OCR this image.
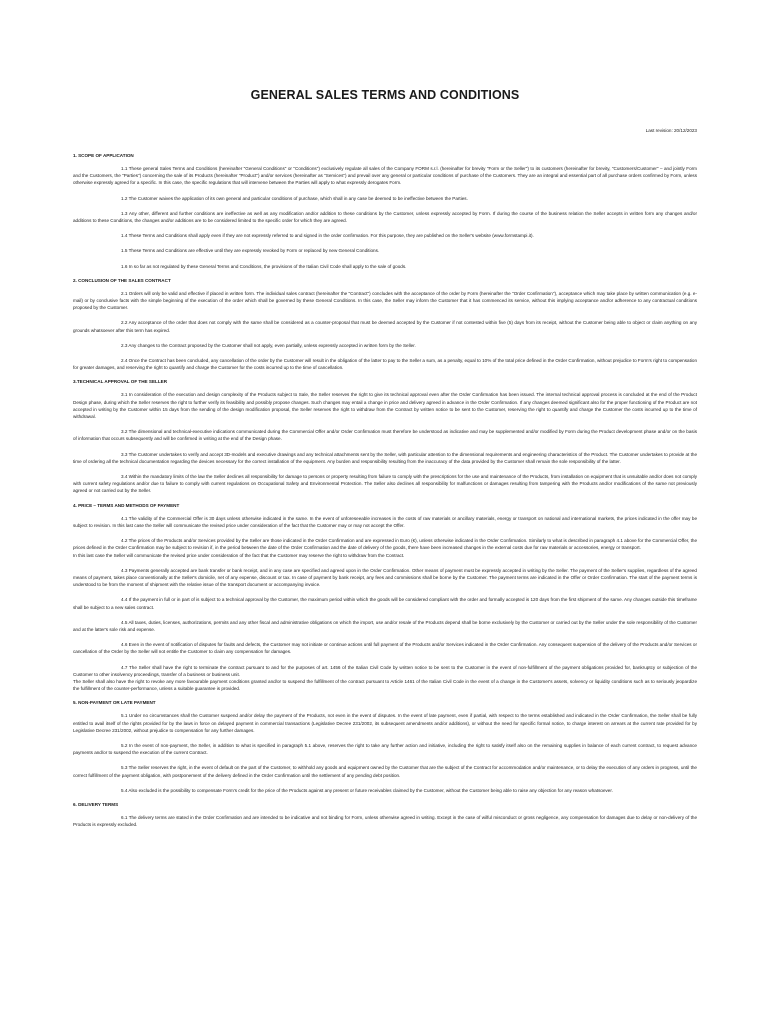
GENERAL SALES TERMS AND CONDITIONS
Last revision: 20/12/2023
1. SCOPE OF APPLICATION
1.1 These general Sales Terms and Conditions (hereinafter "General Conditions" or "Conditions") exclusively regulate all sales of the Company FORM s.r.l. (hereinafter for brevity "Form or the Seller") to its customers (hereinafter for brevity, "Customers/Customer" – and jointly Form and the Customers, the "Parties") concerning the sale of its Products (hereinafter "Product") and/or services (hereinafter as "Services") and prevail over any general or particular conditions of purchase of the Customers. They are an integral and essential part of all purchase orders confirmed by Form, unless otherwise expressly agreed for a specific. In this case, the specific regulations that will intervene between the Parties will apply to what expressly derogates Form.
1.2 The Customer waives the application of its own general and particular conditions of purchase, which shall in any case be deemed to be ineffective between the Parties.
1.3 Any other, different and further conditions are ineffective as well as any modification and/or addition to these conditions by the Customer, unless expressly accepted by Form. If during the course of the business relation the Seller accepts in written form any changes and/or additions to these Conditions, the changes and/or additions are to be considered limited to the specific order for which they are agreed.
1.4 These Terms and Conditions shall apply even if they are not expressly referred to and signed in the order confirmation. For this purpose, they are published on the Seller's website (www.formstampi.it).
1.5 These Terms and Conditions are effective until they are expressly revoked by Form or replaced by new General Conditions.
1.6 In so far as not regulated by these General Terms and Conditions, the provisions of the Italian Civil Code shall apply to the sale of goods.
2. CONCLUSION OF THE SALES CONTRACT
2.1 Orders will only be valid and effective if placed in written form. The individual sales contract (hereinafter the "Contract") concludes with the acceptance of the order by Form (hereinafter the "Order Confirmation"), acceptance which may take place by written communication (e.g. e-mail) or by conclusive facts with the simple beginning of the execution of the order which shall be governed by these General Conditions. In this case, the Seller may inform the Customer that it has commenced its service, without this implying acceptance and/or adherence to any contractual conditions proposed by the Customer.
2.2 Any acceptance of the order that does not comply with the same shall be considered as a counter-proposal that must be deemed accepted by the Customer if not contested within five (5) days from its receipt, without the Customer being able to object or claim anything on any grounds whatsoever after this term has expired.
2.3 Any changes to the Contract proposed by the Customer shall not apply, even partially, unless expressly accepted in written form by the Seller.
2.4 Once the Contract has been concluded, any cancellation of the order by the Customer will result in the obligation of the latter to pay to the Seller a sum, as a penalty, equal to 10% of the total price defined in the Order Confirmation, without prejudice to Form's right to compensation for greater damages, and reserving the right to quantify and charge the Customer for the costs incurred up to the time of cancellation.
3.TECHNICAL APPROVAL OF THE SELLER
3.1 In consideration of the execution and design complexity of the Products subject to Sale, the Seller reserves the right to give its technical approval even after the Order Confirmation has been issued. The internal technical approval process is concluded at the end of the Product Design phase, during which the Seller reserves the right to further verify its feasibility and possibly propose changes. Such changes may entail a change in price and delivery agreed in advance in the Order Confirmation. If any changes deemed significant also for the proper functioning of the Product are not accepted in writing by the Customer within 15 days from the sending of the design modification proposal, the Seller reserves the right to withdraw from the Contract by written notice to be sent to the Customer, reserving the right to quantify and charge the Customer the costs incurred up to the time of withdrawal.
3.2 The dimensional and technical-executive indications communicated during the Commercial Offer and/or Order Confirmation must therefore be understood as indicative and may be supplemented and/or modified by Form during the Product development phase and/or on the basis of information that occurs subsequently and will be confirmed in writing at the end of the Design phase.
3.3 The Customer undertakes to verify and accept 3D-models and executive drawings and any technical attachments sent by the Seller, with particular attention to the dimensional requirements and engineering characteristics of the Product. The Customer undertakes to provide at the time of ordering all the technical documentation regarding the devices necessary for the correct installation of the equipment. Any burden and responsibility resulting from the inaccuracy of the data provided by the Customer shall remain the sole responsibility of the latter.
3.4 Within the mandatory limits of the law the Seller declines all responsibility for damage to persons or property resulting from failure to comply with the prescriptions for the use and maintenance of the Products, from installation on equipment that is unsuitable and/or does not comply with current safety regulations and/or due to failure to comply with current regulations on Occupational Safety and Environmental Protection. The Seller also declines all responsibility for malfunctions or damages resulting from tampering with the Products and/or modifications of the same not previously agreed or not carried out by the Seller.
4. PRICE – TERMS AND METHODS OF PAYMENT
4.1 The validity of the Commercial Offer is 30 days unless otherwise indicated in the same. In the event of unforeseeable increases in the costs of raw materials or ancillary materials, energy or transport on national and international markets, the prices indicated in the offer may be subject to revision. In this last case the Seller will communicate the revised price under consideration of the fact that the Customer may or may not accept the Offer.
4.2 The prices of the Products and/or Services provided by the Seller are those indicated in the Order Confirmation and are expressed in Euro (€), unless otherwise indicated in the Order Confirmation. Similarly to what is described in paragraph 4.1 above for the Commercial Offer, the prices defined in the Order Confirmation may be subject to revision if, in the period between the date of the Order Confirmation and the date of delivery of the goods, there have been increased changes in the external costs due for raw materials or accessories, energy or transport.
In this last case the Seller will communicate the revised price under consideration of the fact that the Customer may reserve the right to withdraw from the Contract.
4.3 Payments generally accepted are bank transfer or bank receipt, and in any case are specified and agreed upon in the Order Confirmation. Other means of payment must be expressly accepted in writing by the Seller. The payment of the Seller's supplies, regardless of the agreed means of payment, takes place conventionally at the Seller's domicile, net of any expense, discount or tax. In case of payment by bank receipt, any fees and commissions shall be borne by the Customer. The payment terms are indicated in the Offer or Order Confirmation. The start of the payment terms is understood to be from the moment of shipment with the relative issue of the transport document or accompanying invoice.
4.4 If the payment in full or in part of is subject to a technical approval by the Customer, the maximum period within which the goods will be considered compliant with the order and formally accepted is 120 days from the first shipment of the same. Any changes outside this timeframe shall be subject to a new sales contract.
4.5 All taxes, duties, licenses, authorizations, permits and any other fiscal and administrative obligations on which the import, use and/or resale of the Products depend shall be borne exclusively by the Customer or carried out by the Seller under the sole responsibility of the Customer and at the latter's sole risk and expense.
4.6 Even in the event of notification of disputes for faults and defects, the Customer may not initiate or continue actions until full payment of the Products and/or Services indicated in the Order Confirmation. Any consequent suspension of the delivery of the Products and/or Services or cancellation of the Order by the Seller will not entitle the Customer to claim any compensation for damages.
4.7 The Seller shall have the right to terminate the contract pursuant to and for the purposes of art. 1456 of the Italian Civil Code by written notice to be sent to the Customer in the event of non-fulfillment of the payment obligations provided for, bankruptcy or subjection of the Customer to other insolvency proceedings, transfer of a business or business unit.
The Seller shall also have the right to revoke any more favourable payment conditions granted and/or to suspend the fulfillment of the contract pursuant to Article 1461 of the Italian Civil Code in the event of a change in the Customer's assets, solvency or liquidity conditions such as to seriously jeopardize the fulfillment of the counter-performance, unless a suitable guarantee is provided.
5. NON-PAYMENT OR LATE PAYMENT
5.1 Under no circumstances shall the Customer suspend and/or delay the payment of the Products, not even in the event of disputes. In the event of late payment, even if partial, with respect to the terms established and indicated in the Order Confirmation, the Seller shall be fully entitled to avail itself of the rights provided for by the laws in force on delayed payment in commercial transactions (Legislative Decree 231/2002, its subsequent amendments and/or additions), or without the need for specific formal notice, to charge interest on arrears at the current rate provided for by Legislative Decree 231/2002, without prejudice to compensation for any further damages.
5.2 In the event of non-payment, the Seller, in addition to what is specified in paragraph 5.1 above, reserves the right to take any further action and initiative, including the right to satisfy itself also on the remaining supplies in balance of each current contract, to request advance payments and/or to suspend the execution of the current Contract.
5.3 The Seller reserves the right, in the event of default on the part of the Customer, to withhold any goods and equipment owned by the Customer that are the subject of the Contract for accommodation and/or maintenance, or to delay the execution of any orders in progress, until the correct fulfillment of the payment obligation, with postponement of the delivery defined in the Order Confirmation until the settlement of any pending debt position.
5.4 Also excluded is the possibility to compensate Form's credit for the price of the Products against any present or future receivables claimed by the Customer, without the Customer being able to raise any objection for any reason whatsoever.
6. DELIVERY TERMS
6.1 The delivery terms are stated in the Order Confirmation and are intended to be indicative and not binding for Form, unless otherwise agreed in writing. Except in the case of wilful misconduct or gross negligence, any compensation for damages due to delay or non-delivery of the Products is expressly excluded.
